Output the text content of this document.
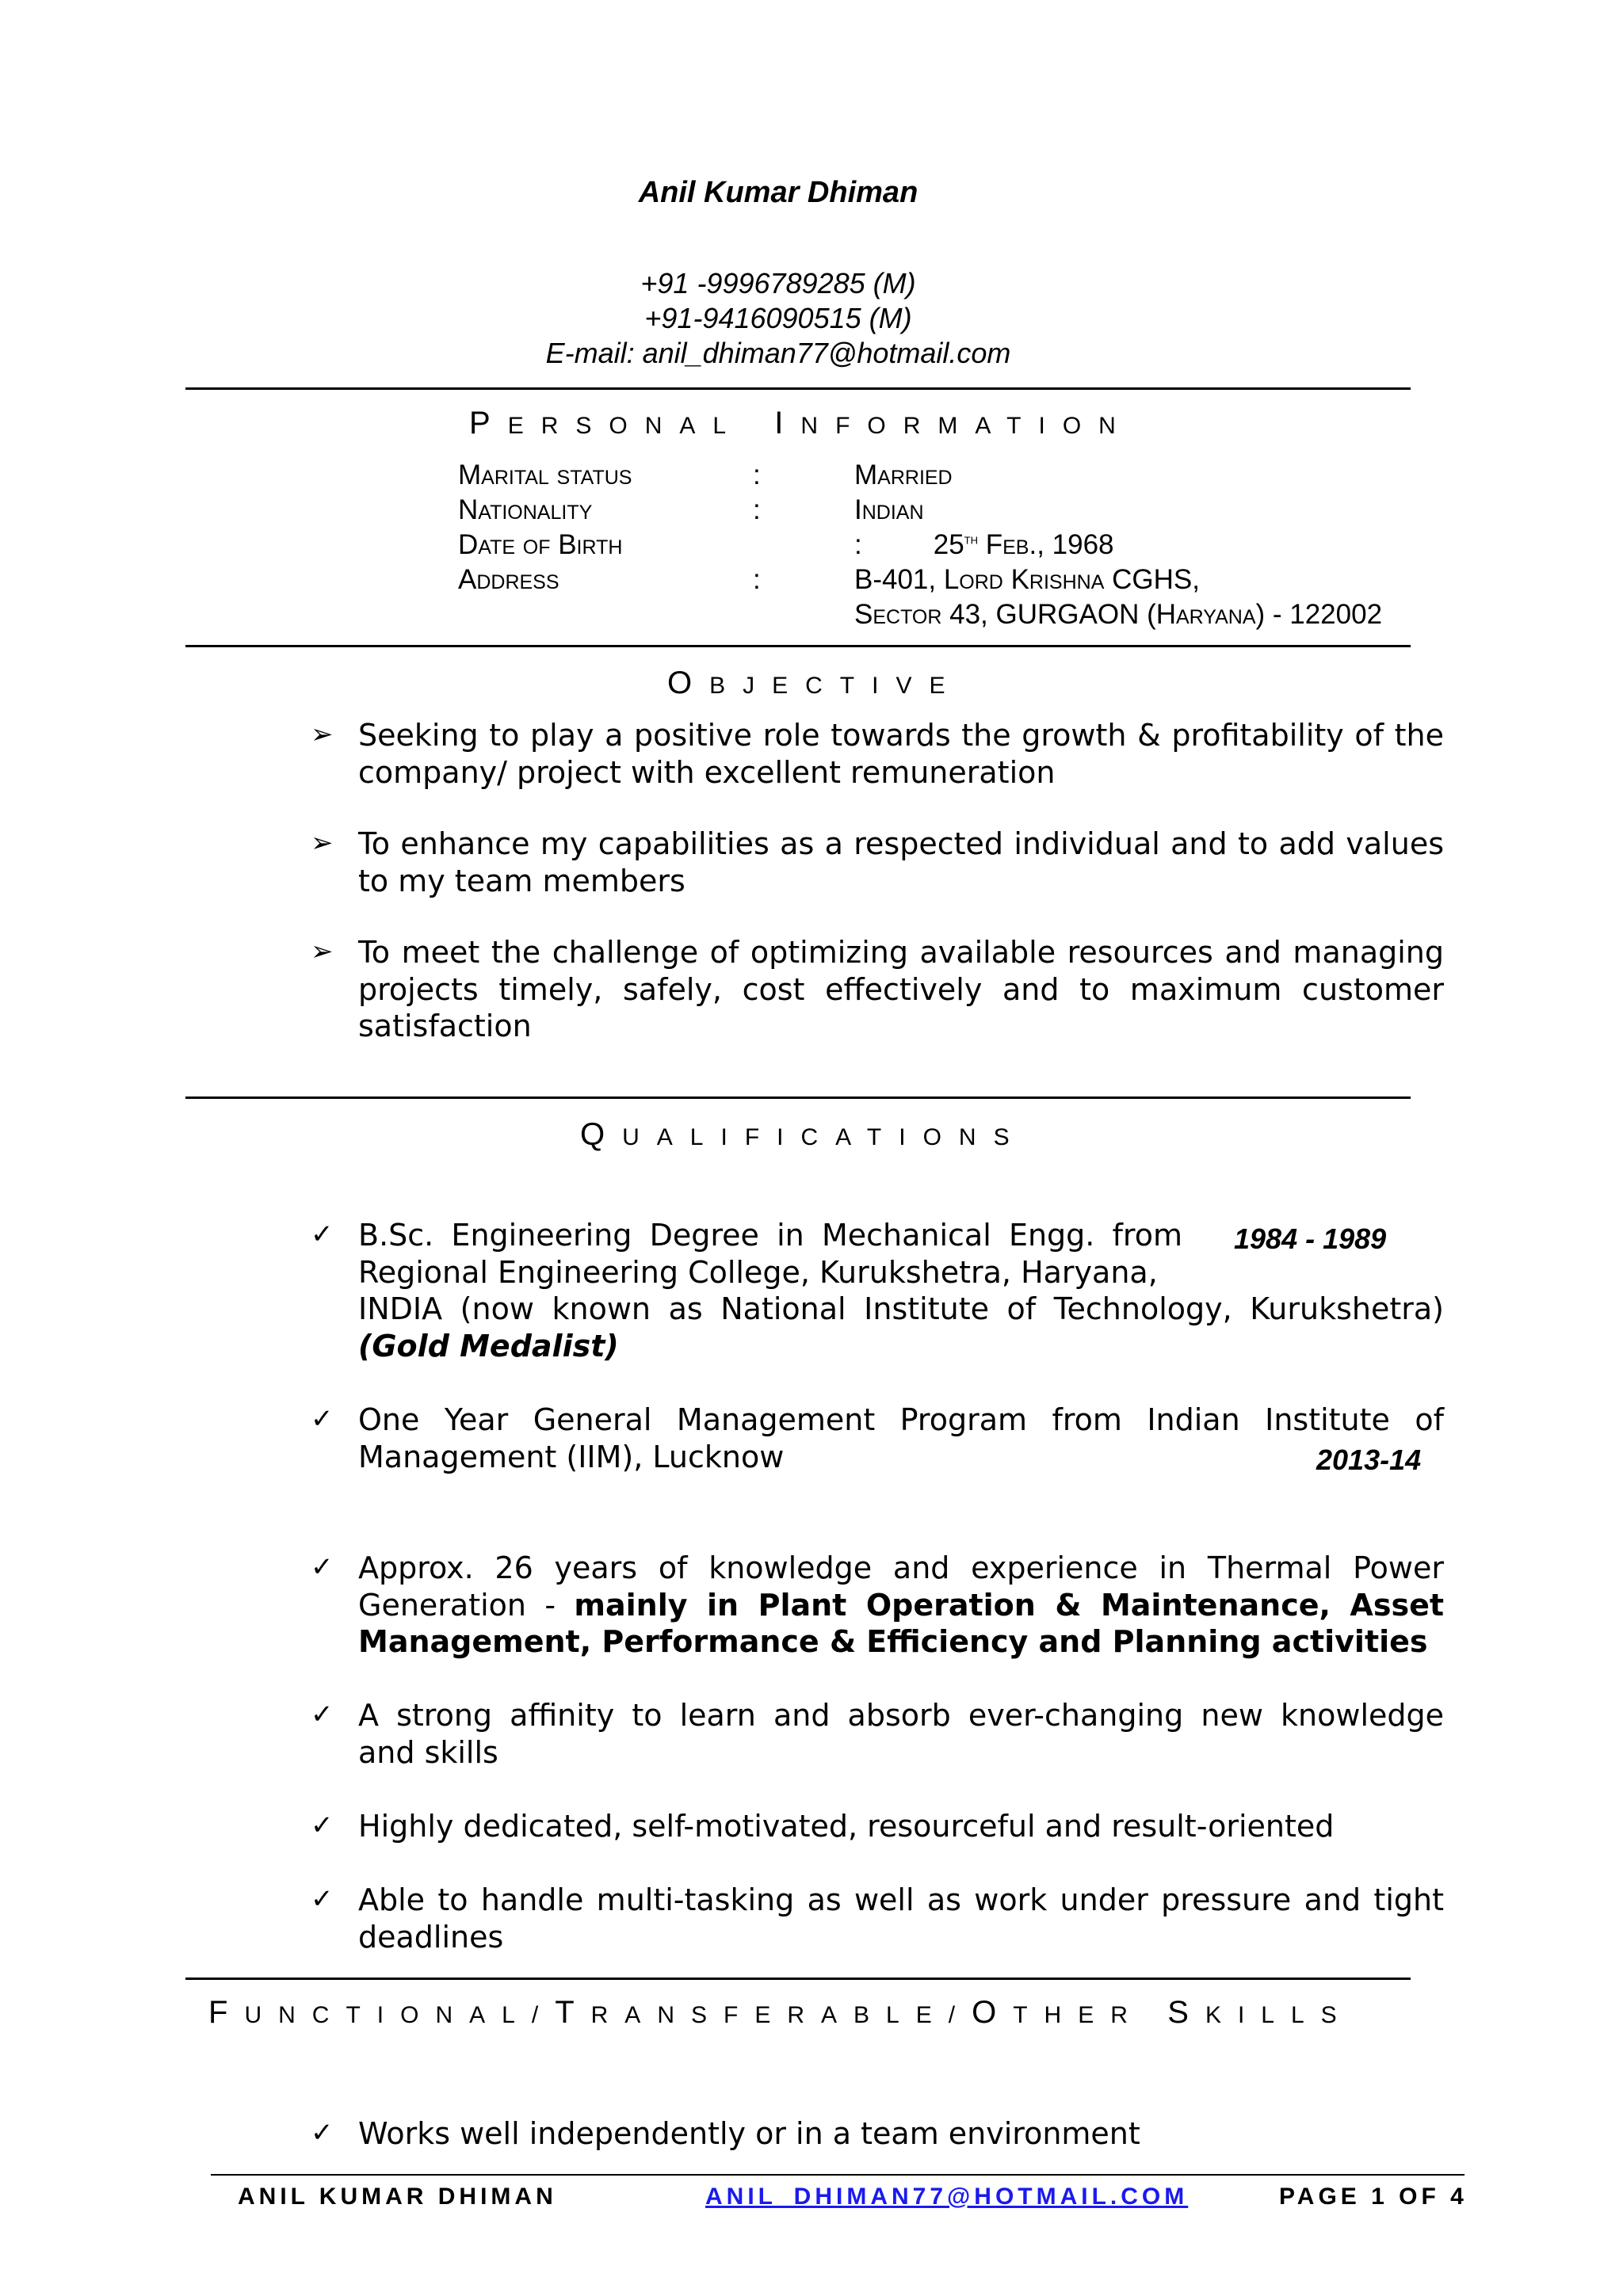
Anil Kumar Dhiman
+91 -9996789285 (M)
+91-9416090515 (M)
E-mail: anil_dhiman77@hotmail.com
PERSONAL INFORMATION
Marital status	:	Married
Nationality	:	Indian
Date of Birth	:	25th Feb., 1968
Address	:	B-401, Lord Krishna CGHS,
Sector 43, GURGAON (Haryana) - 122002
OBJECTIVE
➢ Seeking to play a positive role towards the growth & profitability of the
company/ project with excellent remuneration
➢ To enhance my capabilities as a respected individual and to add values
to my team members
➢ To meet the challenge of optimizing available resources and managing
projects timely, safely, cost effectively and to maximum customer
satisfaction
QUALIFICATIONS
✓ B.Sc. Engineering Degree in Mechanical Engg. from
Regional Engineering College, Kurukshetra, Haryana,
INDIA (now known as National Institute of Technology, Kurukshetra)
(Gold Medalist)
1984 - 1989
✓ One Year General Management Program from Indian Institute of
Management (IIM), Lucknow	2013-14
✓ Approx. 26 years of knowledge and experience in Thermal Power
Generation - mainly in Plant Operation & Maintenance, Asset
Management, Performance & Efficiency and Planning activities
✓ A strong affinity to learn and absorb ever-changing new knowledge
and skills
✓ Highly dedicated, self-motivated, resourceful and result-oriented
✓ Able to handle multi-tasking as well as work under pressure and tight
deadlines
FUNCTIONAL/TRANSFERABLE/OTHER SKILLS
✓ Works well independently or in a team environment
ANIL KUMAR DHIMAN	ANIL_DHIMAN77@HOTMAIL.COM	PAGE 1 OF 4
